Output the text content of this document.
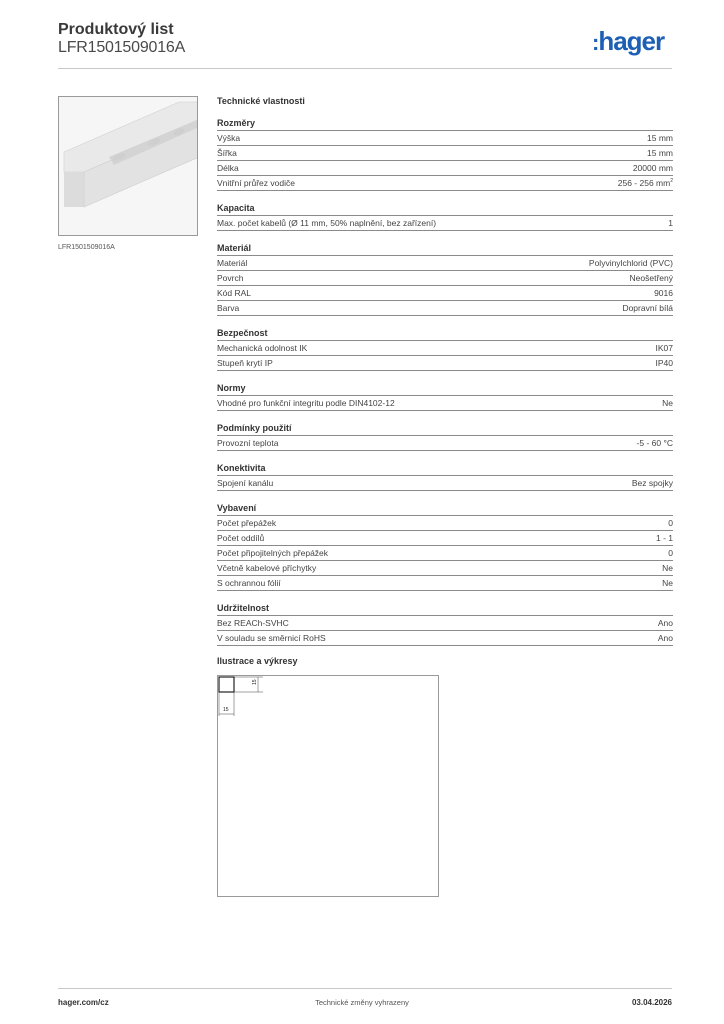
Produktový list
LFR1501509016A	:hager
LFR1501509016A
Technické vlastnosti
Rozměry
Výška	15 mm
Šířka	15 mm
Délka	20000 mm
Vnitřní průřez vodiče	256 - 256 $mm^2$
Kapacita
Max. počet kabelů (Ø 11 mm, 50% naplnění, bez zařízení)	1
Materiál
Materiál	Polyvinylchlorid (PVC)
Povrch	Neošetřený
Kód RAL	9016
Barva	Dopravní bílá
Bezpečnost
Mechanická odolnost IK	IK07
Stupeň krytí IP	IP40
Normy
Vhodné pro funkční integritu podle DIN4102-12	Ne
Podmínky použití
Provozní teplota	-5 - 60 °C
Konektivita
Spojení kanálu	Bez spojky
Vybavení
Počet přepážek	0
Počet oddílů	1 - 1
Počet připojitelných přepážek	0
Včetně kabelové příchytky	Ne
S ochrannou fólií	Ne
Udržitelnost
Bez REACh-SVHC	Ano
V souladu se směrnicí RoHS	Ano
Ilustrace a výkresy
15
15
hager.com/cz	Technické změny vyhrazeny	03.04.2026
